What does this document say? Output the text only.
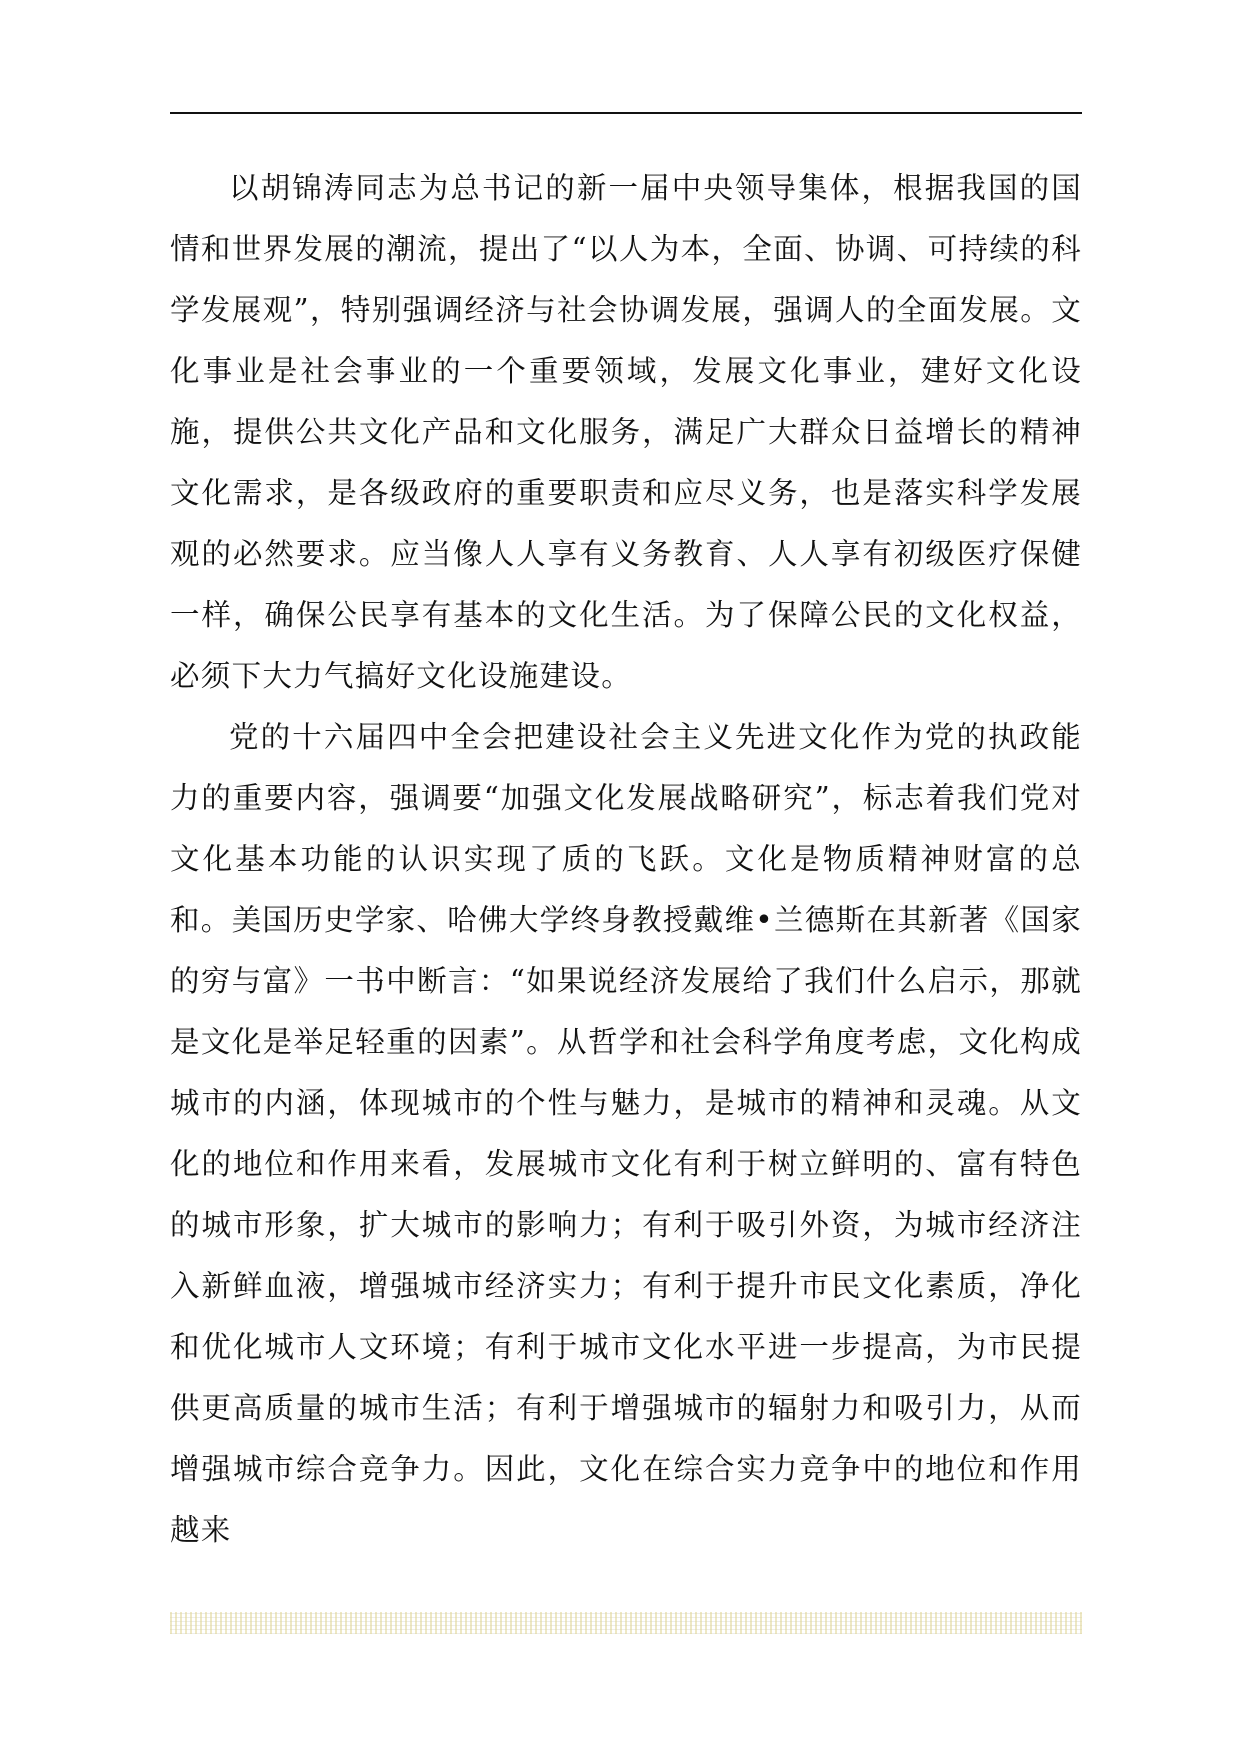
以胡锦涛同志为总书记的新一届中央领导集体，根据我国的国情和世界发展的潮流，提出了“以人为本，全面、协调、可持续的科学发展观”，特别强调经济与社会协调发展，强调人的全面发展。文化事业是社会事业的一个重要领域，发展文化事业，建好文化设施，提供公共文化产品和文化服务，满足广大群众日益增长的精神文化需求，是各级政府的重要职责和应尽义务，也是落实科学发展观的必然要求。应当像人人享有义务教育、人人享有初级医疗保健一样，确保公民享有基本的文化生活。为了保障公民的文化权益，必须下大力气搞好文化设施建设。

党的十六届四中全会把建设社会主义先进文化作为党的执政能力的重要内容，强调要“加强文化发展战略研究”，标志着我们党对文化基本功能的认识实现了质的飞跃。文化是物质精神财富的总和。美国历史学家、哈佛大学终身教授戴维•兰德斯在其新著《国家的穷与富》一书中断言：“如果说经济发展给了我们什么启示，那就是文化是举足轻重的因素”。从哲学和社会科学角度考虑，文化构成城市的内涵，体现城市的个性与魅力，是城市的精神和灵魂。从文化的地位和作用来看，发展城市文化有利于树立鲜明的、富有特色的城市形象，扩大城市的影响力；有利于吸引外资，为城市经济注入新鲜血液，增强城市经济实力；有利于提升市民文化素质，净化和优化城市人文环境；有利于城市文化水平进一步提高，为市民提供更高质量的城市生活；有利于增强城市的辐射力和吸引力，从而增强城市综合竞争力。因此，文化在综合实力竞争中的地位和作用越来
